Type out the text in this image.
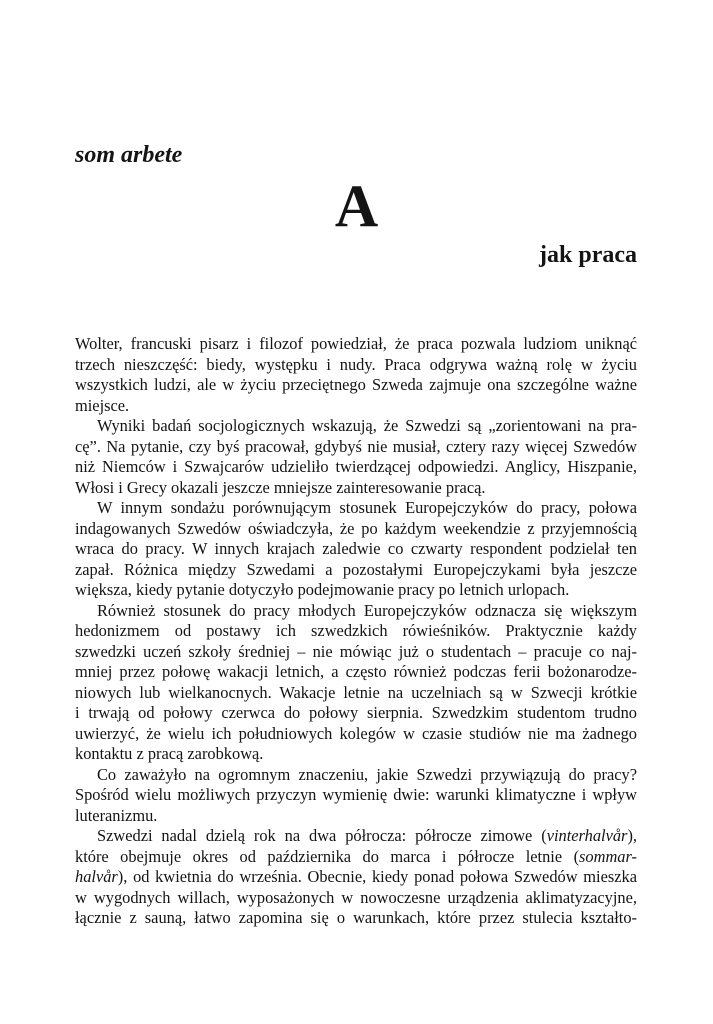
som arbete
A
jak praca
Wolter, francuski pisarz i filozof powiedział, że praca pozwala ludziom uniknąć
trzech nieszczęść: biedy, występku i nudy. Praca odgrywa ważną rolę w życiu
wszystkich ludzi, ale w życiu przeciętnego Szweda zajmuje ona szczególne ważne
miejsce.
Wyniki badań socjologicznych wskazują, że Szwedzi są „zorientowani na pra-
cę”. Na pytanie, czy byś pracował, gdybyś nie musiał, cztery razy więcej Szwedów
niż Niemców i Szwajcarów udzieliło twierdzącej odpowiedzi. Anglicy, Hiszpanie,
Włosi i Grecy okazali jeszcze mniejsze zainteresowanie pracą.
W innym sondażu porównującym stosunek Europejczyków do pracy, połowa
indagowanych Szwedów oświadczyła, że po każdym weekendzie z przyjemnością
wraca do pracy. W innych krajach zaledwie co czwarty respondent podzielał ten
zapał. Różnica między Szwedami a pozostałymi Europejczykami była jeszcze
większa, kiedy pytanie dotyczyło podejmowanie pracy po letnich urlopach.
Również stosunek do pracy młodych Europejczyków odznacza się większym
hedonizmem od postawy ich szwedzkich rówieśników. Praktycznie każdy
szwedzki uczeń szkoły średniej – nie mówiąc już o studentach – pracuje co naj-
mniej przez połowę wakacji letnich, a często również podczas ferii bożonarodze-
niowych lub wielkanocnych. Wakacje letnie na uczelniach są w Szwecji krótkie
i trwają od połowy czerwca do połowy sierpnia. Szwedzkim studentom trudno
uwierzyć, że wielu ich południowych kolegów w czasie studiów nie ma żadnego
kontaktu z pracą zarobkową.
Co zaważyło na ogromnym znaczeniu, jakie Szwedzi przywiązują do pracy?
Spośród wielu możliwych przyczyn wymienię dwie: warunki klimatyczne i wpływ
luteranizmu.
Szwedzi nadal dzielą rok na dwa półrocza: półrocze zimowe (vinterhalvår),
które obejmuje okres od października do marca i półrocze letnie (sommar-
halvår), od kwietnia do września. Obecnie, kiedy ponad połowa Szwedów mieszka
w wygodnych willach, wyposażonych w nowoczesne urządzenia aklimatyzacyjne,
łącznie z sauną, łatwo zapomina się o warunkach, które przez stulecia kształto-
